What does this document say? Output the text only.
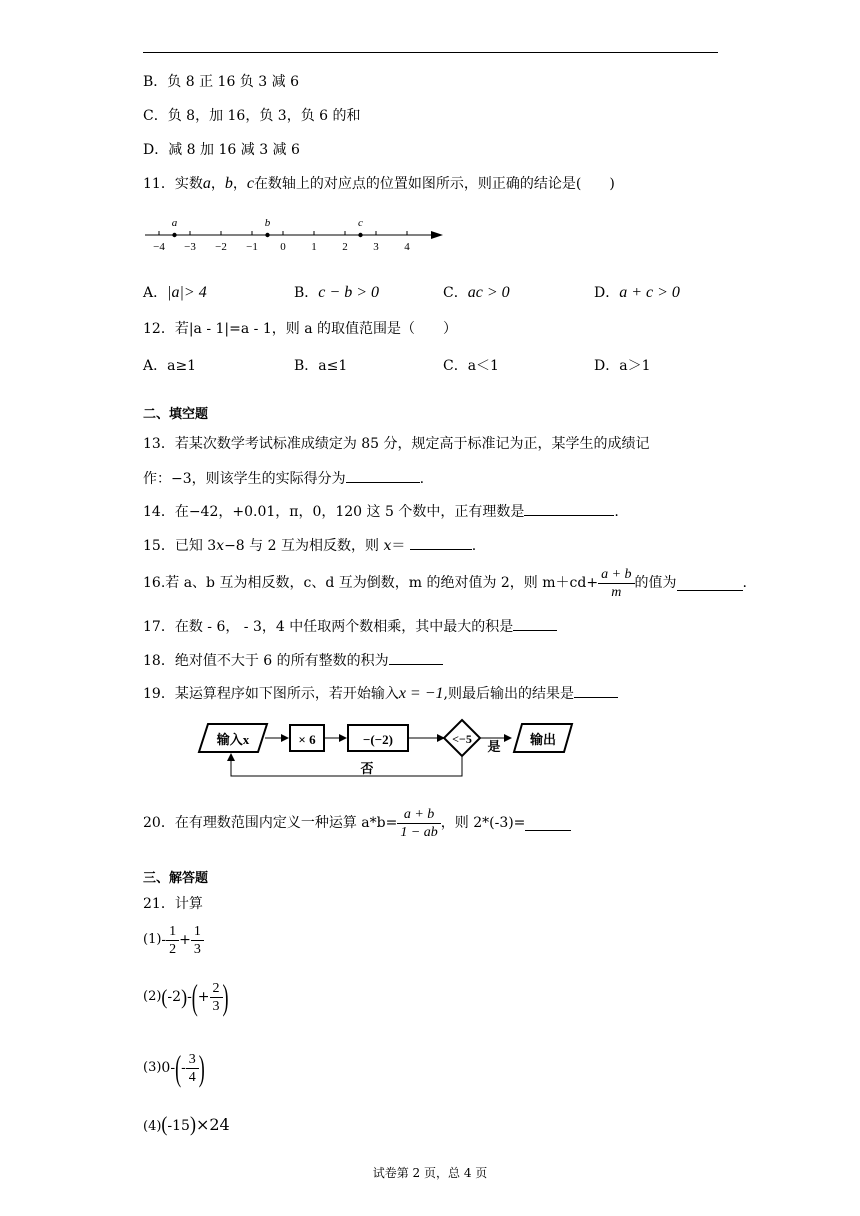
B．负 8 正 16 负 3 减 6
C．负 8，加 16，负 3，负 6 的和
D．减 8 加 16 减 3 减 6
11．实数a，b，c在数轴上的对应点的位置如图所示，则正确的结论是(　　)
−4 −3 −2 −1 0 1 2 3 4
a	b	c
A．|a|> 4	B．c − b > 0	C．ac > 0	D．a + c > 0
12．若|a - 1|=a - 1，则 a 的取值范围是（　　）
A．a≥1	B．a≤1	C．a＜1	D．a＞1
二、填空题
13．若某次数学考试标准成绩定为 85 分，规定高于标准记为正，某学生的成绩记
作：−3，则该学生的实际得分为	.
14．在−42，+0.01，π，0，120 这 5 个数中，正有理数是	.
15．已知 3x−8 与 2 互为相反数，则 x＝	.
16.若 a、b 互为相反数，c、d 互为倒数，m 的绝对值为 2，则 $m+cd+ \frac{a + b}{m}$ 的值为	.
17．在数 - 6， - 3，4 中任取两个数相乘，其中最大的积是
18．绝对值不大于 6 的所有整数的积为
19．某运算程序如下图所示，若开始输入x = −1,则最后输出的结果是
输入x	× 6	−(−2)	<−5 是 输出
否
20．在有理数范围内定义一种运算 $a*b= \frac{a + b}{1 - ab}$ ，则 2*(-3)=
三、解答题
21．计算
$(1)- \frac{1}{2} + \frac{1}{3}$
$(2)(-2)-(+ \frac{2}{3}$ )
$(3)0-(- \frac{3}{4}$ )
(4)(-15)×24
试卷第 2 页，总 4 页
